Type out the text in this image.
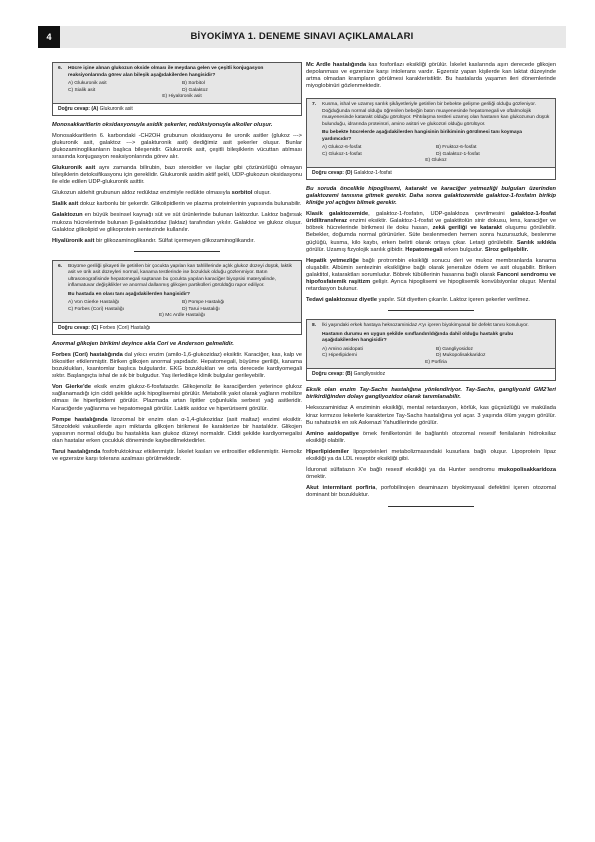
4	BİYOKİMYA 1. DENEME SINAVI AÇIKLAMALARI
6.	Hücre içine alınan glukozun okside olması ile meydana gelen ve çeşitli konjugasyon reaksiyonlarında görev alan bileşik aşağıdakilerden hangisidir?
A) Glukuronik asit	B) Sorbitol
C) Sialik asit	D) Galaktoz
E) Hiyalüronik asit
Doğru cevap: (A) Glukuronik asit

Monosakkaritlerin oksidasyonuyla asidik şekerler, redüksiyonuyla alkoller oluşur.

Monosakkaritlerin 6. karbondaki -CH2OH grubunun oksidasyonu ile uronik asitler (glukoz ---> glukuronik asit, galaktoz ---> galakturonik asit) dediğimiz asit şekerler oluşur. Bunlar glukozaminoglikanların başlıca bileşenidir. Glukuronik asit, çeşitli bileşiklerin vücuttan atılması sırasında konjugasyon reaksiyonlarında görev alır.

Glukuronik asit aynı zamanda bilirubin, bazı steroidler ve ilaçlar gibi çözünürlüğü olmayan bileşiklerin detoksifikasyonu için gereklidir. Glukuronik asidin aktif şekli, UDP-glukozun oksidasyonu ile elde edilen UDP-glukuronik asittir.

Glukozun aldehit grubunun aldoz redüktaz enzimiyle redükte olmasıyla sorbitol oluşur.

Sialik asit dokuz karbonlu bir şekerdir. Glikolipidlerin ve plazma proteinlerinin yapısında bulunabilir.

Galaktozun en büyük besinsel kaynağı süt ve süt ürünlerinde bulunan laktozdur. Laktoz bağırsak mukoza hücrelerinde bulunan β-galaktozidaz (laktaz) tarafından yıkılır. Galaktoz ve glukoz oluşur. Galaktoz glikolipid ve glikoprotein sentezinde kullanılır.

Hiyalüronik asit bir glikozaminoglikandır. Sülfat içermeyen glikozaminoglikandır.

6.	Büyüme geriliği şikayeti ile getirilen bir çocukta yapılan kan tahlillerinde açlık glukoz düzeyi düşük, laktik asit ve ürik asit düzeyleri normal, kanama testlerinde ise bozukluk olduğu gözlenmiyor. Batın ultrasonografisinde hepatomegali saptanan bu çocukta yapılan karaciğer biyopsisi materyalinde, inflamatuvar değişiklikler ve anormal dallanmış glikojen partikülleri görüldüğü rapor ediliyor.
Bu hastada en olası tanı aşağıdakilerden hangisidir?
A) Von Gierke Hastalığı	B) Pompe Hastalığı
C) Forbes (Cori) Hastalığı	D) Tarui Hastalığı
E) Mc Ardle Hastalığı
Doğru cevap: (C) Forbes (Cori) Hastalığı

Anormal glikojen birikimi deyince akla Cori ve Anderson gelmelidir.

Forbes (Cori) hastalığında dal yıkıcı enzim (amilo-1,6-glukozidaz) eksiktir. Karaciğer, kas, kalp ve lökositler etkilenmiştir. Biriken glikojen anormal yapıdadır. Hepatomegali, büyüme geriliği, kanama bozuklukları, ksantomlar başlıca bulgulardır. EKG bozuklukları ve orta derecede kardiyomegali sıktır. Başlangıçta ishal de sık bir bulgudur. Yaş ilerledikçe klinik bulgular gerileyebilir.

Von Gierke'de eksik enzim glukoz-6-fosfatazdır. Glikojenoliz ile karaciğerden yeterince glukoz sağlanamadığı için ciddi şekilde açlık hipoglisemisi görülür. Metabolik yakıt olarak yağların mobilize olması ile hiperlipidemi görülür. Plazmada artan lipitler çoğunlukla serbest yağ asitleridir. Karaciğerde yağlanma ve hepatomegali görülür. Laktik asidoz ve hiperürisemi görülür.

Pompe hastalığında lizozomal bir enzim olan α-1,4-glukozidaz (asit maltaz) enzimi eksiktir. Sitozoldeki vakuollerde aşırı miktarda glikojen birikmesi ile karakterize bir hastalıktır. Glikojen yapısının normal olduğu bu hastalıkta kan glukoz düzeyi normaldir. Ciddi şekilde kardiyomegalisi olan hastalar erken çocukluk döneminde kaybedilmektedirler.

Tarui hastalığında fosfofruktokinaz etkilenmiştir. İskelet kasları ve eritrositler etkilenmiştir. Hemoliz ve egzersize karşı tolerans azalması görülmektedir.

Mc Ardle hastalığında kas fosforilazı eksikliği görülür. İskelet kaslarında aşırı derecede glikojen depolanması ve egzersize karşı intolerans vardır. Egzersiz yapan kişilerde kan laktat düzeyinde artma olmadan krampların görülmesi karakteristiktir. Bu hastalarda yaşamın ileri dönemlerinde miyoglobinüri gözlenmektedir.

7.	Kusma, ishal ve uzamış sarılık şikâyetleriyle getirilen bir bebekte gelişme geriliği olduğu gözleniyor. Doğduğunda normal olduğu öğrenilen bebeğin batın muayenesinde hepatomegali ve oftalmolojik muayenesinde katarakt olduğu görülüyor. Pihtılaşma testleri uzamış olan hastanın kan glukozunun düşük bulunduğu, idrarında proteinüri, amino asitüri ve glukozüri olduğu görülüyor.
Bu bebekte hücrelerde aşağıdakilerden hangisinin birikiminin görülmesi tanı koymaya yardımcıdır?
A) Glukoz-6-fosfat	B) Fruktoz-6-fosfat
C) Glukoz-1-fosfat	D) Galaktoz-1-fosfat
E) Glukoz
Doğru cevap: (D) Galaktoz-1-fosfat

Bu soruda öncelikle hipoglisemi, katarakt ve karaciğer yetmezliği bulguları üzerinden galaktozemi tanısına gitmek gerekir. Daha sonra galaktozemide galaktoz-1-fosfatın birikip kliniğe yol açtığını bilmek gerekir.

Klasik galaktozemide, galaktoz-1-fosfatın, UDP-galaktoza çevrilmesini galaktoz-1-fosfat üridiltransferaz enzimi eksiktir. Galaktoz-1-fosfat ve galaktitolün sinir dokusu, lens, karaciğer ve böbrek hücrelerinde birikmesi ile doku hasarı, zekâ geriliği ve katarakt oluşumu görülebilir. Bebekler, doğumda normal görünürler. Süte beslenmeden hemen sonra huzursuzluk, beslenme güçlüğü, kusma, kilo kaybı, erken belirti olarak ortaya çıkar. Letarji görülebilir. Sarılık sıklıkla görülür. Uzamış fizyolojik sarılık gibidir. Hepatomegali erken bulgudur. Siroz gelişebilir.

Hepatik yetmezliğe bağlı protrombin eksikliği sonucu deri ve mukoz membranlarda kanama oluşabilir. Albümin sentezinin eksikliğine bağlı olarak jeneralize ödem ve asit oluşabilir. Biriken galaktitol, kataraktları sorumludur. Böbrek tübüllerinin hasarına bağlı olarak Fanconi sendromu ve hipofosfatemik raşitizm gelişir. Ayrıca hipoglisemi ve hipoglisemik konvülsiyonlar oluşur. Mental retardasyon bulunur.

Tedavi galaktozsuz diyetle yapılır. Süt diyetten çıkarılır. Laktoz içeren şekerler verilmez.

8.	İki yaşındaki erkek hastaya heksozaminidaz A'yı içeren biyokimyasal bir defekt tanısı konuluyor.
Hastanın durumu en uygun şekilde sınıflandırıldığında dahil olduğu hastalık grubu aşağıdakilerden hangisidir?
A) Amino asidopati	B) Gangliyosidoz
C) Hiperlipidemi	D) Mukopolisakkaridoz
E) Porfiria
Doğru cevap: (B) Gangliyosidoz

Eksik olan enzim Tay-Sachs hastalığına yönlendiriyor. Tay-Sachs, gangliyozid GM2'leri birikirdiğinden dolayı gangliyozidoz olarak tanımlanabilir.

Heksozaminidaz A enziminin eksikliği, mental retardasyon, körlük, kas güçsüzlüğü ve makülada kiraz kırmızısı lekelerle karakterize Tay-Sachs hastalığına yol açar. 3 yaşında ölüm yaygın görülür. Bu rahatsızlık en sık Askenazi Yahudilerinde görülür.

Amino asidopatiye örnek fenilketonüri ile bağlantılı otozomal resesif fenilalanin hidroksilaz eksikliği olabilir.

Hiperlipidemiler lipoproteinleri metabolizmasındaki kusurlara bağlı oluşur. Lipoprotein lipaz eksikliği ya da LDL reseptör eksikliği gibi.

İduronat sülfatazın X'e bağlı resesif eksikliği ya da Hunter sendromu mukopolisakkaridoza örnektir.

Akut intermitant porfiria, porfobilinojen deaminazın biyokimyasal defektini içeren otozomal dominant bir bozukluktur.
